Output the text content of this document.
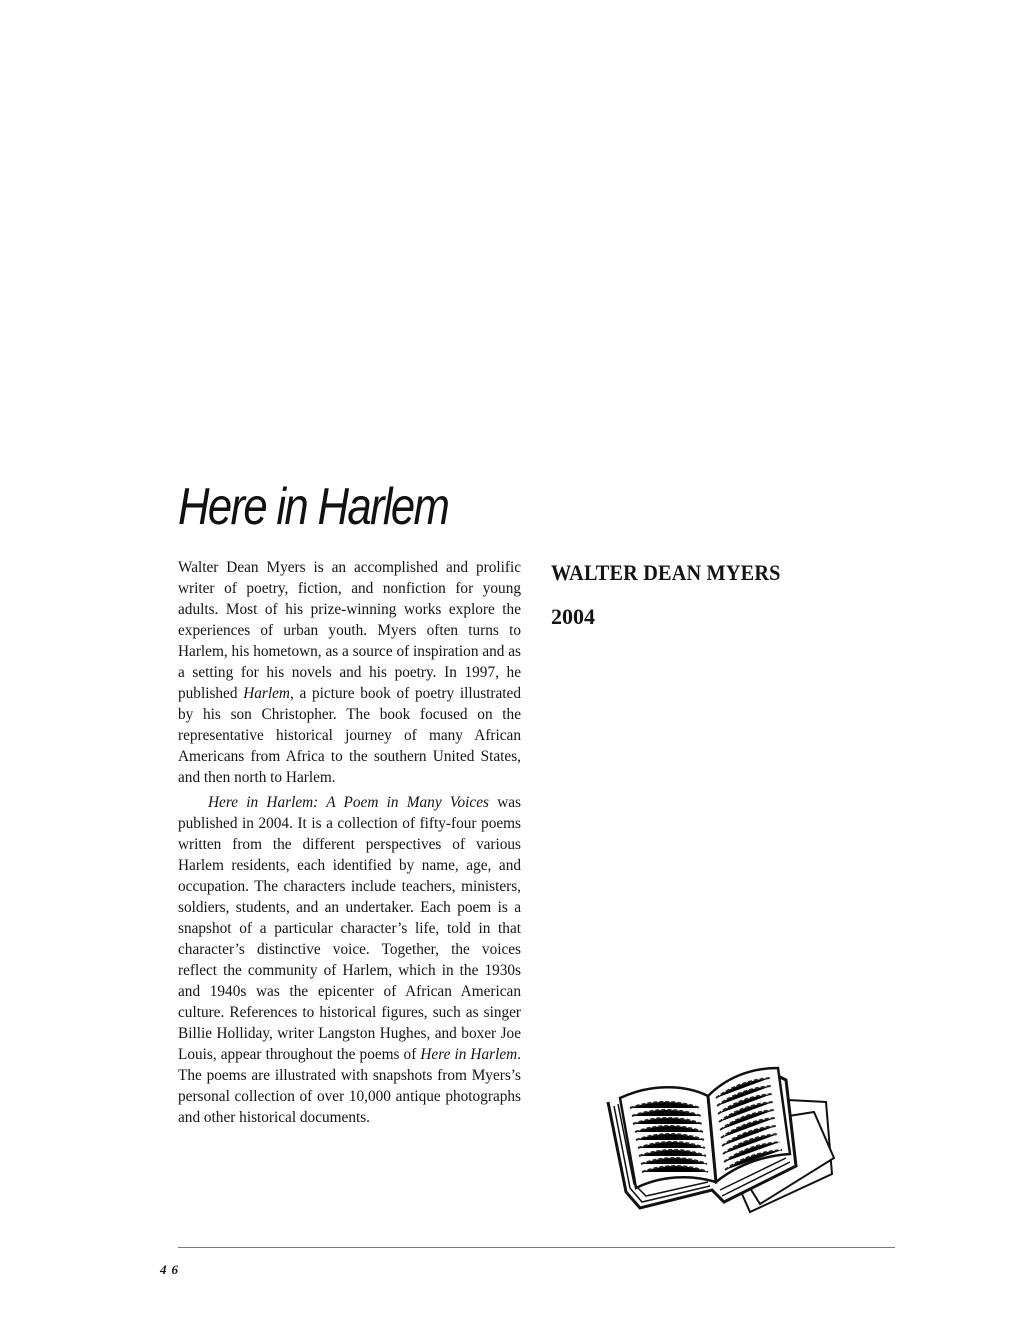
Here in Harlem

Walter Dean Myers is an accomplished and prolific writer of poetry, fiction, and nonfiction for young adults. Most of his prize-winning works explore the experiences of urban youth. Myers often turns to Harlem, his hometown, as a source of inspiration and as a setting for his novels and his poetry. In 1997, he published Harlem, a picture book of poetry illustrated by his son Christopher. The book focused on the representative historical journey of many African Americans from Africa to the southern United States, and then north to Harlem.

Here in Harlem: A Poem in Many Voices was published in 2004. It is a collection of fifty-four poems written from the different perspectives of various Harlem residents, each identified by name, age, and occupation. The characters include teachers, ministers, soldiers, students, and an undertaker. Each poem is a snapshot of a particular character’s life, told in that character’s distinctive voice. Together, the voices reflect the community of Harlem, which in the 1930s and 1940s was the epicenter of African American culture. References to historical figures, such as singer Billie Holliday, writer Langston Hughes, and boxer Joe Louis, appear throughout the poems of Here in Harlem. The poems are illustrated with snapshots from Myers’s personal collection of over 10,000 antique photographs and other historical documents.

WALTER DEAN MYERS
2004
46
